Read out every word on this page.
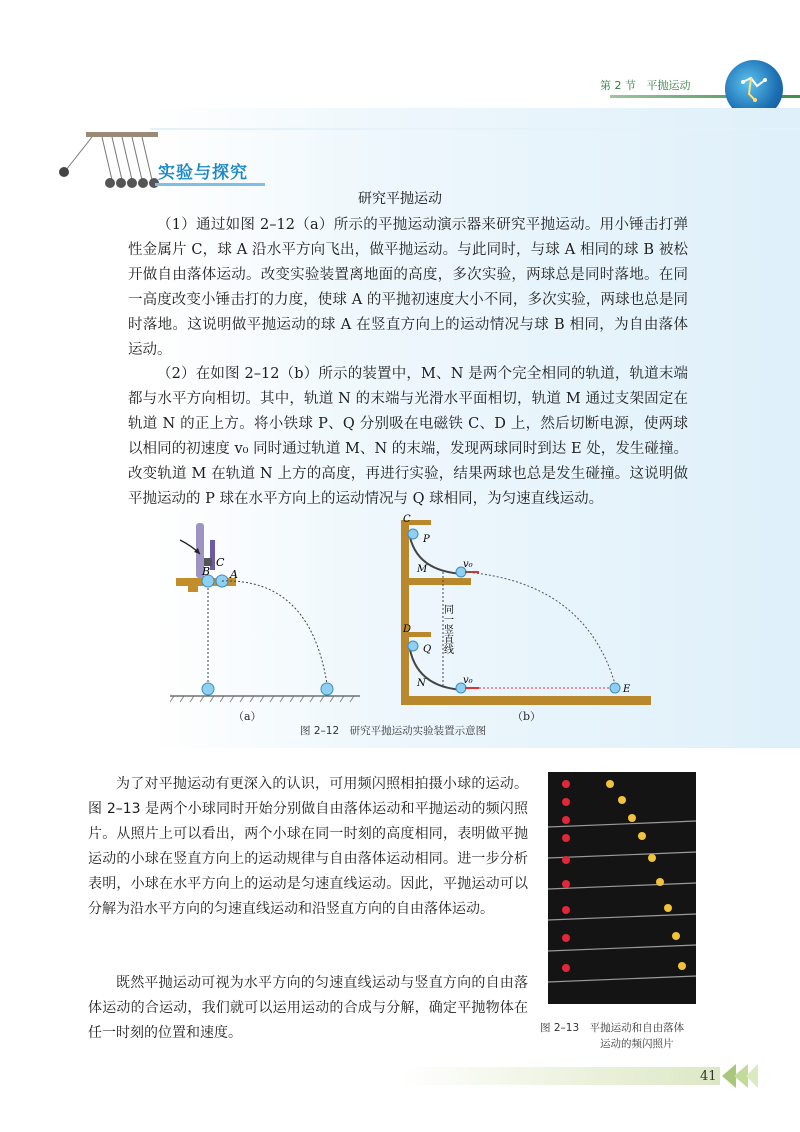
第 2 节 平抛运动
实验与探究
研究平抛运动
（1）通过如图 2–12（a）所示的平抛运动演示器来研究平抛运动。用小锤击打弹性金属片 C，球 A 沿水平方向飞出，做平抛运动。与此同时，与球 A 相同的球 B 被松开做自由落体运动。改变实验装置离地面的高度，多次实验，两球总是同时落地。在同一高度改变小锤击打的力度，使球 A 的平抛初速度大小不同，多次实验，两球也总是同时落地。这说明做平抛运动的球 A 在竖直方向上的运动情况与球 B 相同，为自由落体运动。
（2）在如图 2–12（b）所示的装置中，M、N 是两个完全相同的轨道，轨道末端都与水平方向相切。其中，轨道 N 的末端与光滑水平面相切，轨道 M 通过支架固定在轨道 N 的正上方。将小铁球 P、Q 分别吸在电磁铁 C、D 上，然后切断电源，使两球以相同的初速度 v₀ 同时通过轨道 M、N 的末端，发现两球同时到达 E 处，发生碰撞。改变轨道 M 在轨道 N 上方的高度，再进行实验，结果两球也总是发生碰撞。这说明做平抛运动的 P 球在水平方向上的运动情况与 Q 球相同，为匀速直线运动。
C
B A
（a）
C
P
M	v₀
D
Q
N	v₀
E
同一竖直线
（b）
图 2–12　研究平抛运动实验装置示意图
为了对平抛运动有更深入的认识，可用频闪照相拍摄小球的运动。图 2–13 是两个小球同时开始分别做自由落体运动和平抛运动的频闪照片。从照片上可以看出，两个小球在同一时刻的高度相同，表明做平抛运动的小球在竖直方向上的运动规律与自由落体运动相同。进一步分析表明，小球在水平方向上的运动是匀速直线运动。因此，平抛运动可以分解为沿水平方向的匀速直线运动和沿竖直方向的自由落体运动。
既然平抛运动可视为水平方向的匀速直线运动与竖直方向的自由落体运动的合运动，我们就可以运用运动的合成与分解，确定平抛物体在任一时刻的位置和速度。	图 2–13　平抛运动和自由落体
运动的频闪照片
41
